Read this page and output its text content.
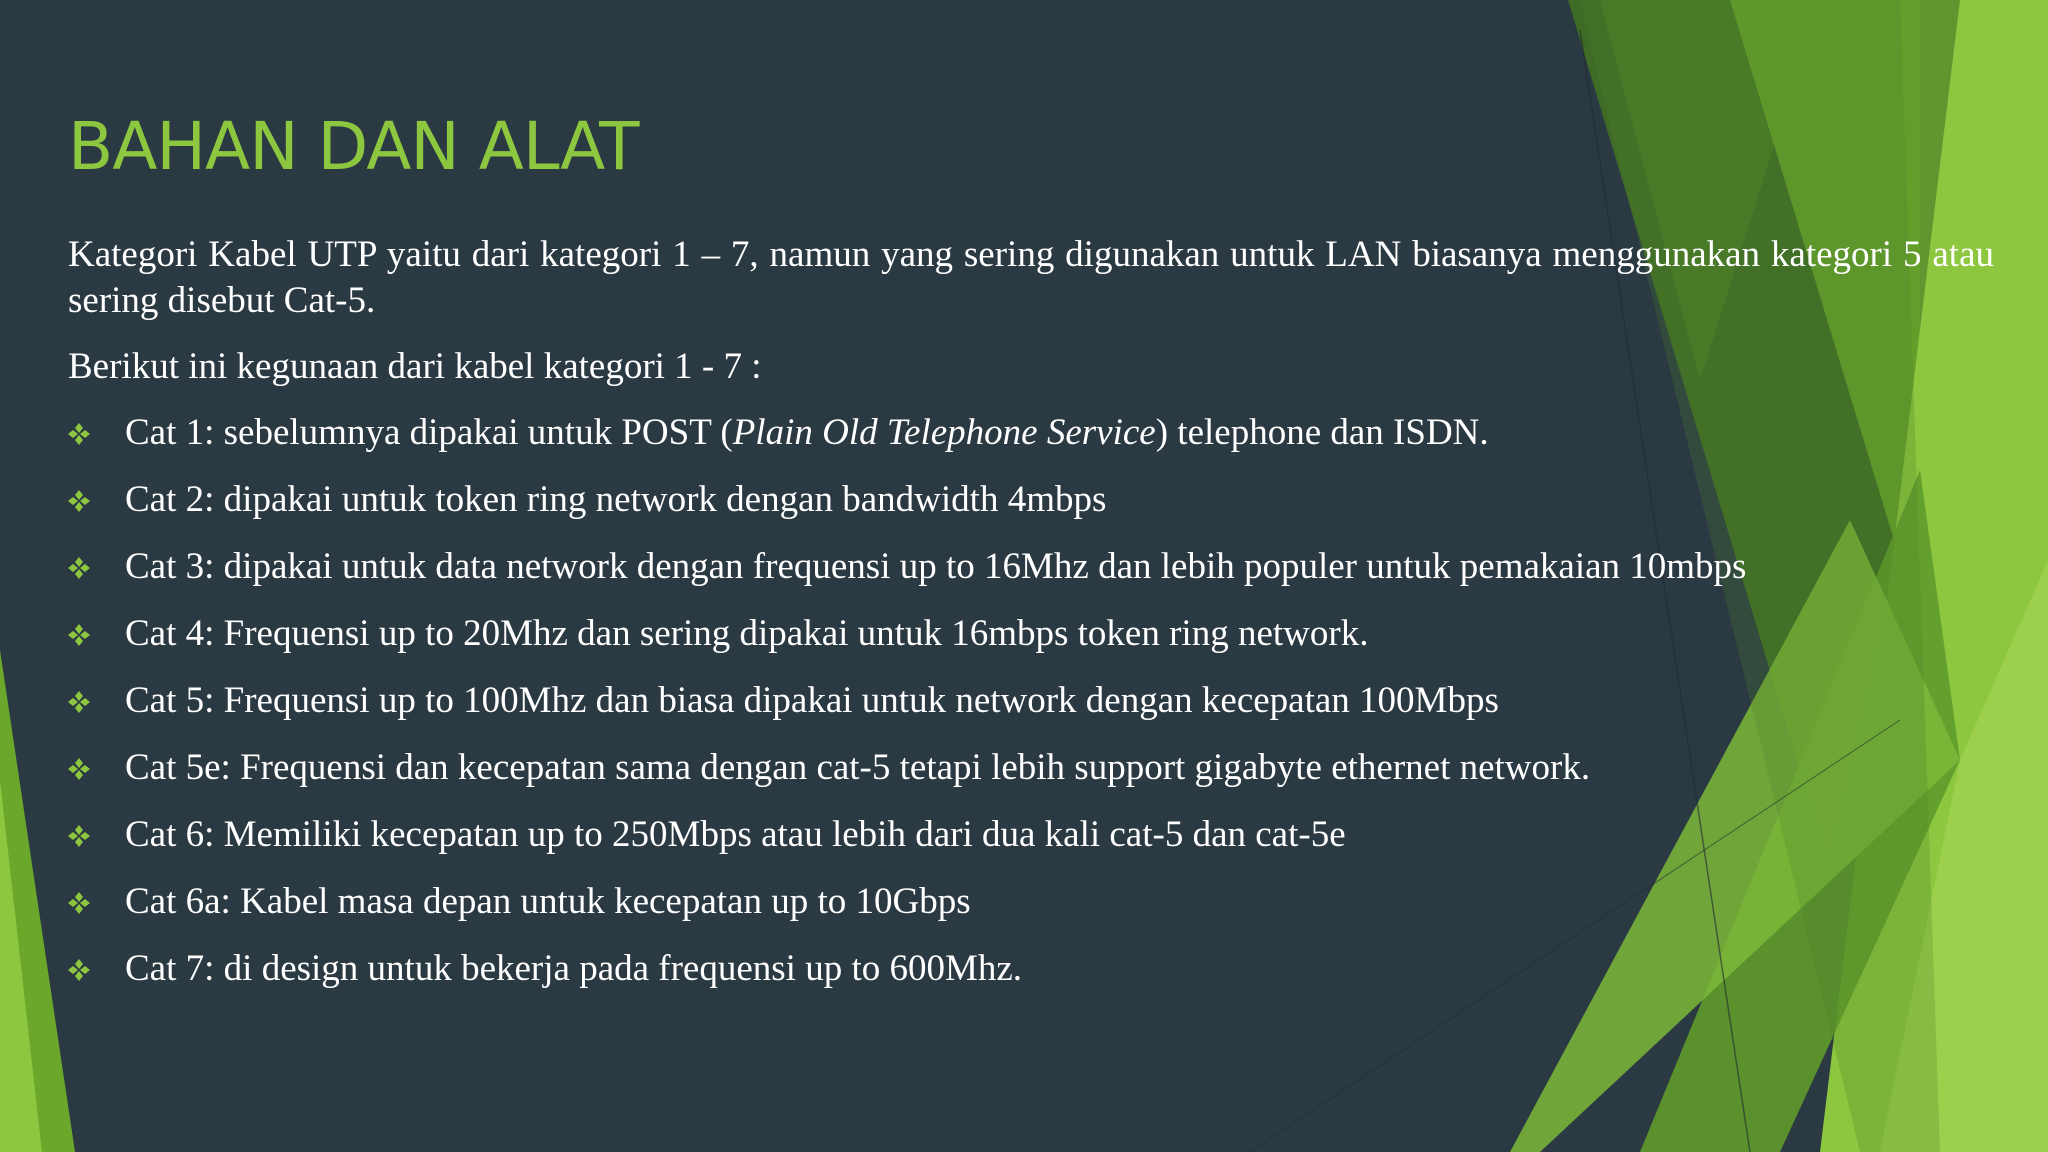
BAHAN DAN ALAT

Kategori Kabel UTP yaitu dari kategori 1 – 7, namun yang sering digunakan untuk LAN biasanya menggunakan kategori 5 atau sering disebut Cat-5.

Berikut ini kegunaan dari kabel kategori 1 - 7 :

Cat 1: sebelumnya dipakai untuk POST (Plain Old Telephone Service) telephone dan ISDN.
Cat 2: dipakai untuk token ring network dengan bandwidth 4mbps
Cat 3: dipakai untuk data network dengan frequensi up to 16Mhz dan lebih populer untuk pemakaian 10mbps
Cat 4: Frequensi up to 20Mhz dan sering dipakai untuk 16mbps token ring network.
Cat 5: Frequensi up to 100Mhz dan biasa dipakai untuk network dengan kecepatan 100Mbps
Cat 5e: Frequensi dan kecepatan sama dengan cat-5 tetapi lebih support gigabyte ethernet network.
Cat 6: Memiliki kecepatan up to 250Mbps atau lebih dari dua kali cat-5 dan cat-5e
Cat 6a: Kabel masa depan untuk kecepatan up to 10Gbps
Cat 7: di design untuk bekerja pada frequensi up to 600Mhz.
